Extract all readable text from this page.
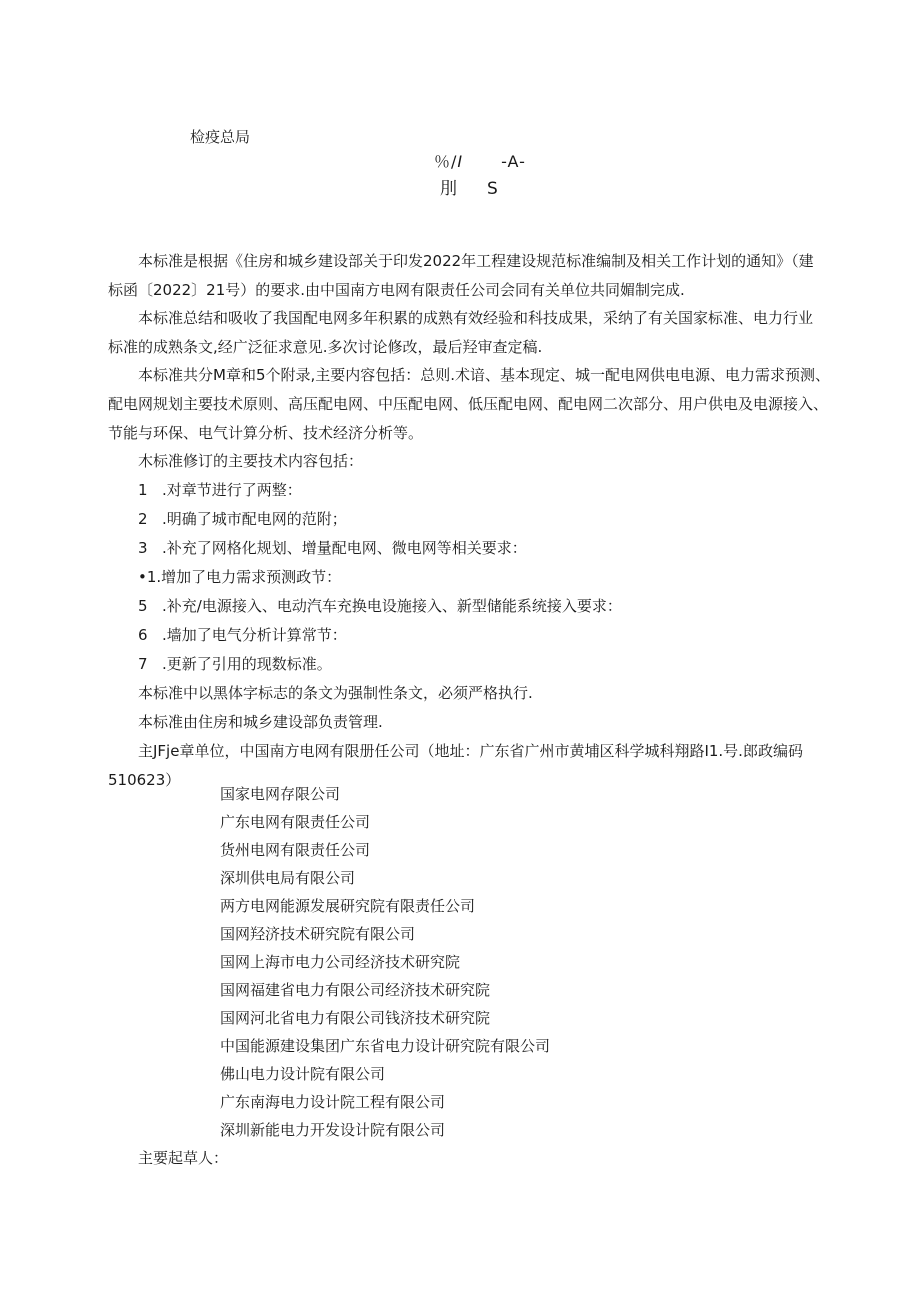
检疫总局
％/I -A-
刖 S
本标准是根据《住房和城乡建设部关于印发2022年工程建设规范标准编制及相关工作计划的通知》（建
标函〔2022〕21号）的要求.由中国南方电网有限责任公司会同有关单位共同媚制完成.
本标准总结和吸收了我国配电网多年积累的成熟有效经验和科技成果，采纳了有关国家标准、电力行业
标准的成熟条文,经广泛征求意见.多次讨论修改，最后羟审查定稿.
本标准共分M章和5个附录,主要内容包括：总则.术谙、基本现定、城一配电网供电电源、电力需求预测、
配电网规划主要技术原则、高压配电网、中压配电网、低压配电网、配电网二次部分、用户供电及电源接入、
节能与环保、电气计算分析、技术经济分析等。
木标准修订的主要技术内容包括：
1 .对章节进行了两整：
2 .明确了城市配电网的范附；
3 .补充了网格化规划、增量配电网、微电网等相关要求：
•1.增加了电力需求预测政节：
5 .补充/电源接入、电动汽车充换电设施接入、新型储能系统接入要求：
6 .墙加了电气分析计算常节：
7 .更新了引用的现数标准。
本标准中以黑体字标志的条文为强制性条文，必须严格执行.
本标准由住房和城乡建设部负责管理.
主JFje章单位，中国南方电网有限册任公司（地址：广东省广州市黄埔区科学城科翔路I1.号.郎政编码
510623）
国家电网存限公司
广东电网有限责任公司
货州电网有限责任公司
深圳供电局有限公司
两方电网能源发展研究院有限责任公司
国网羟济技术研究院有限公司
国网上海市电力公司经济技术研究院
国网福建省电力有限公司经济技术研究院
国网河北省电力有限公司钱济技术研究院
中国能源建设集团广东省电力设计研究院有限公司
佛山电力设计院有限公司
广东南海电力设计院工程有限公司
深圳新能电力开发设计院有限公司
主要起草人：
